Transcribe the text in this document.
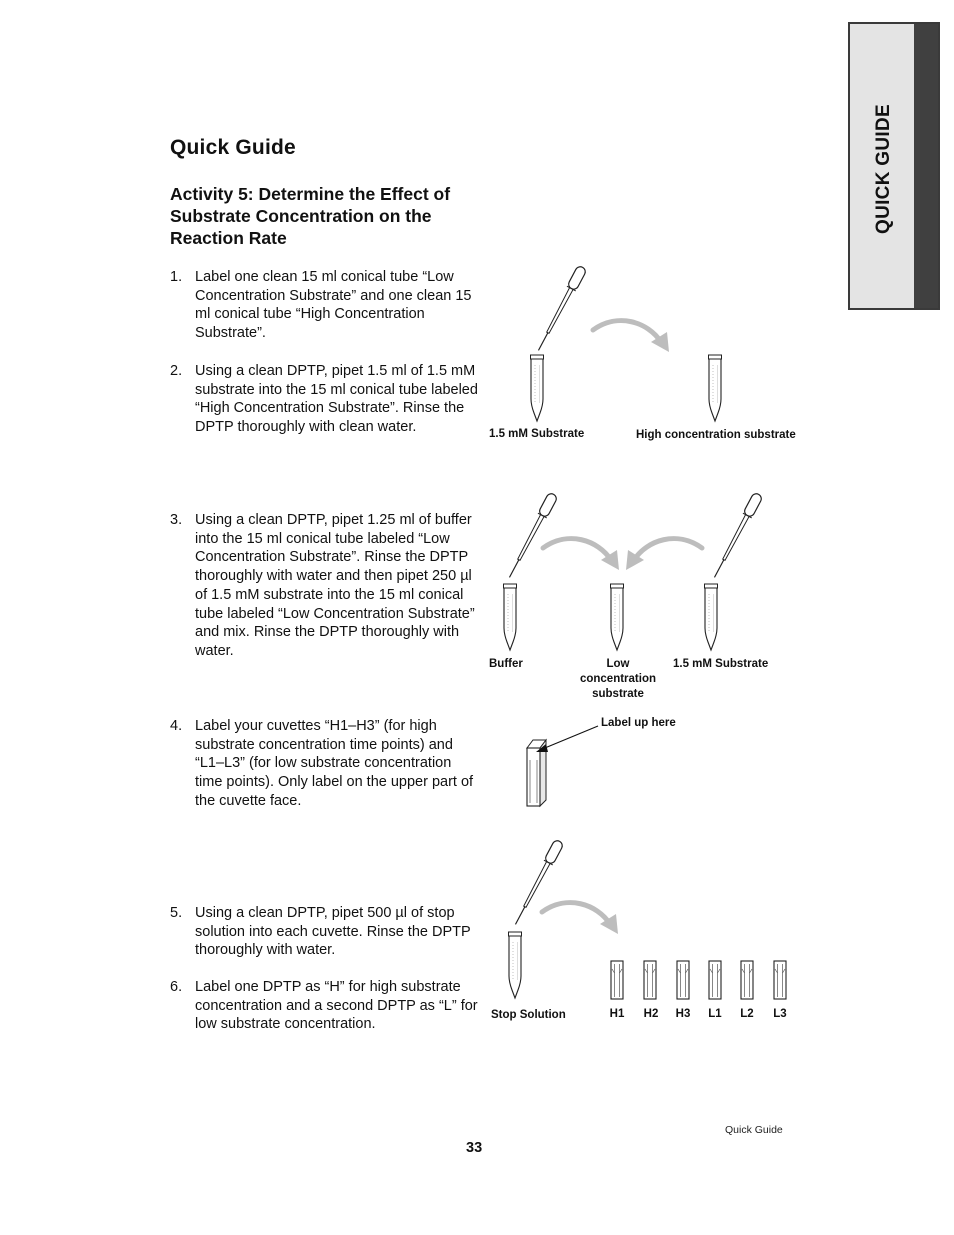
QUICK GUIDE
Quick Guide
Activity 5: Determine the Effect of Substrate Concentration on the Reaction Rate
1. Label one clean 15 ml conical tube “Low Concentration Substrate” and one clean 15 ml conical tube “High Concentration Substrate”.
2. Using a clean DPTP, pipet 1.5 ml of 1.5 mM substrate into the 15 ml conical tube labeled “High Concentration Substrate”. Rinse the DPTP thoroughly with clean water.
3. Using a clean DPTP, pipet 1.25 ml of buffer into the 15 ml conical tube labeled “Low Concentration Substrate”. Rinse the DPTP thoroughly with water and then pipet 250 µl of 1.5 mM substrate into the 15 ml conical tube labeled “Low Concentration Substrate” and mix. Rinse the DPTP thoroughly with water.
4. Label your cuvettes “H1–H3” (for high substrate concentration time points) and “L1–L3” (for low substrate concentration time points). Only label on the upper part of the cuvette face.
5. Using a clean DPTP, pipet 500 µl of stop solution into each cuvette. Rinse the DPTP thoroughly with water.
6. Label one DPTP as “H” for high substrate concentration and a second DPTP as “L” for low substrate concentration.
1.5 mM Substrate	High concentration substrate
Buffer	Low
concentration
substrate
1.5 mM Substrate
Label up here
Stop Solution	H1 H2 H3 L1 L2 L3
Quick Guide
33
